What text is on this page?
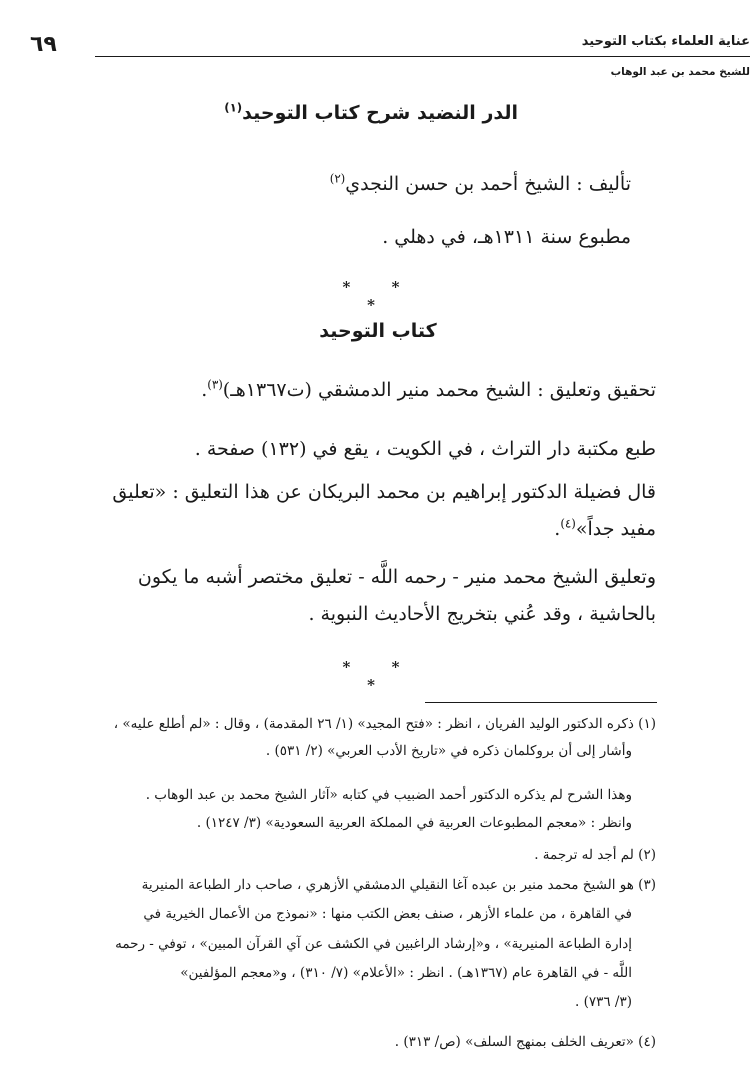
٦٩	عناية العلماء بكتاب التوحيد
للشيخ محمد بن عبد الوهاب
الدر النضيد شرح كتاب التوحيد$^{(١)}$
تأليف : الشيخ أحمد بن حسن النجدي$^{(٢)}$
مطبوع سنة ١٣١١هـ، في دهلي .
* * *
كتاب التوحيد
تحقيق وتعليق : الشيخ محمد منير الدمشقي (ت١٣٦٧هـ)$^{(٣)}$.
طبع مكتبة دار التراث ، في الكويت ، يقع في (١٣٢) صفحة .
قال فضيلة الدكتور إبراهيم بن محمد البريكان عن هذا التعليق : «تعليق
مفيد جداً»$^{(٤)}$.
وتعليق الشيخ محمد منير - رحمه اللَّه - تعليق مختصر أشبه ما يكون
بالحاشية ، وقد عُني بتخريج الأحاديث النبوية .
* * *
(١) ذكره الدكتور الوليد الفريان ، انظر : «فتح المجيد» (١/ ٢٦ المقدمة) ، وقال : «لم أطلع عليه» ،
وأشار إلى أن بروكلمان ذكره في «تاريخ الأدب العربي» (٢/ ٥٣١) .
وهذا الشرح لم يذكره الدكتور أحمد الضبيب في كتابه «آثار الشيخ محمد بن عبد الوهاب .
وانظر : «معجم المطبوعات العربية في المملكة العربية السعودية» (٣/ ١٢٤٧) .
(٢) لم أجد له ترجمة .
(٣) هو الشيخ محمد منير بن عبده آغا النقيلي الدمشقي الأزهري ، صاحب دار الطباعة المنيرية
في القاهرة ، من علماء الأزهر ، صنف بعض الكتب منها : «نموذج من الأعمال الخيرية في
إدارة الطباعة المنيرية» ، و«إرشاد الراغبين في الكشف عن آي القرآن المبين» ، توفي - رحمه
اللَّه - في القاهرة عام (١٣٦٧هـ) . انظر : «الأعلام» (٧/ ٣١٠) ، و«معجم المؤلفين»
(٣/ ٧٣٦) .
(٤) «تعريف الخلف بمنهج السلف» (ص/ ٣١٣) .
